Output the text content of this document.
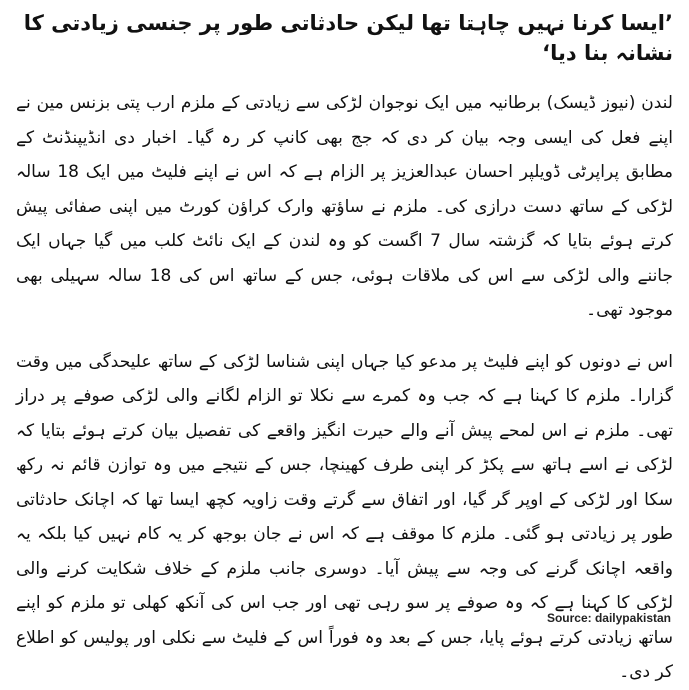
’ایسا کرنا نہیں چاہتا تھا لیکن حادثاتی طور پر جنسی زیادتی کا نشانہ بنا دیا‘

لندن (نیوز ڈیسک) برطانیہ میں ایک نوجوان لڑکی سے زیادتی کے ملزم ارب پتی بزنس مین نے اپنے فعل کی ایسی وجہ بیان کر دی کہ جج بھی کانپ کر رہ گیا۔ اخبار دی انڈیپنڈنٹ کے مطابق پراپرٹی ڈویلپر احسان عبدالعزیز پر الزام ہے کہ اس نے اپنے فلیٹ میں ایک 18 سالہ لڑکی کے ساتھ دست درازی کی۔ ملزم نے ساؤتھ وارک کراؤن کورٹ میں اپنی صفائی پیش کرتے ہوئے بتایا کہ گزشتہ سال 7 اگست کو وہ لندن کے ایک نائٹ کلب میں گیا جہاں ایک جاننے والی لڑکی سے اس کی ملاقات ہوئی، جس کے ساتھ اس کی 18 سالہ سہیلی بھی موجود تھی۔

اس نے دونوں کو اپنے فلیٹ پر مدعو کیا جہاں اپنی شناسا لڑکی کے ساتھ علیحدگی میں وقت گزارا۔ ملزم کا کہنا ہے کہ جب وہ کمرے سے نکلا تو الزام لگانے والی لڑکی صوفے پر دراز تھی۔ ملزم نے اس لمحے پیش آنے والے حیرت انگیز واقعے کی تفصیل بیان کرتے ہوئے بتایا کہ لڑکی نے اسے ہاتھ سے پکڑ کر اپنی طرف کھینچا، جس کے نتیجے میں وہ توازن قائم نہ رکھ سکا اور لڑکی کے اوپر گر گیا، اور اتفاق سے گرتے وقت زاویہ کچھ ایسا تھا کہ اچانک حادثاتی طور پر زیادتی ہو گئی۔ ملزم کا موقف ہے کہ اس نے جان بوجھ کر یہ کام نہیں کیا بلکہ یہ واقعہ اچانک گرنے کی وجہ سے پیش آیا۔ دوسری جانب ملزم کے خلاف شکایت کرنے والی لڑکی کا کہنا ہے کہ وہ صوفے پر سو رہی تھی اور جب اس کی آنکھ کھلی تو ملزم کو اپنے ساتھ زیادتی کرتے ہوئے پایا، جس کے بعد وہ فوراً اس کے فلیٹ سے نکلی اور پولیس کو اطلاع کر دی۔

Source: dailypakistan
